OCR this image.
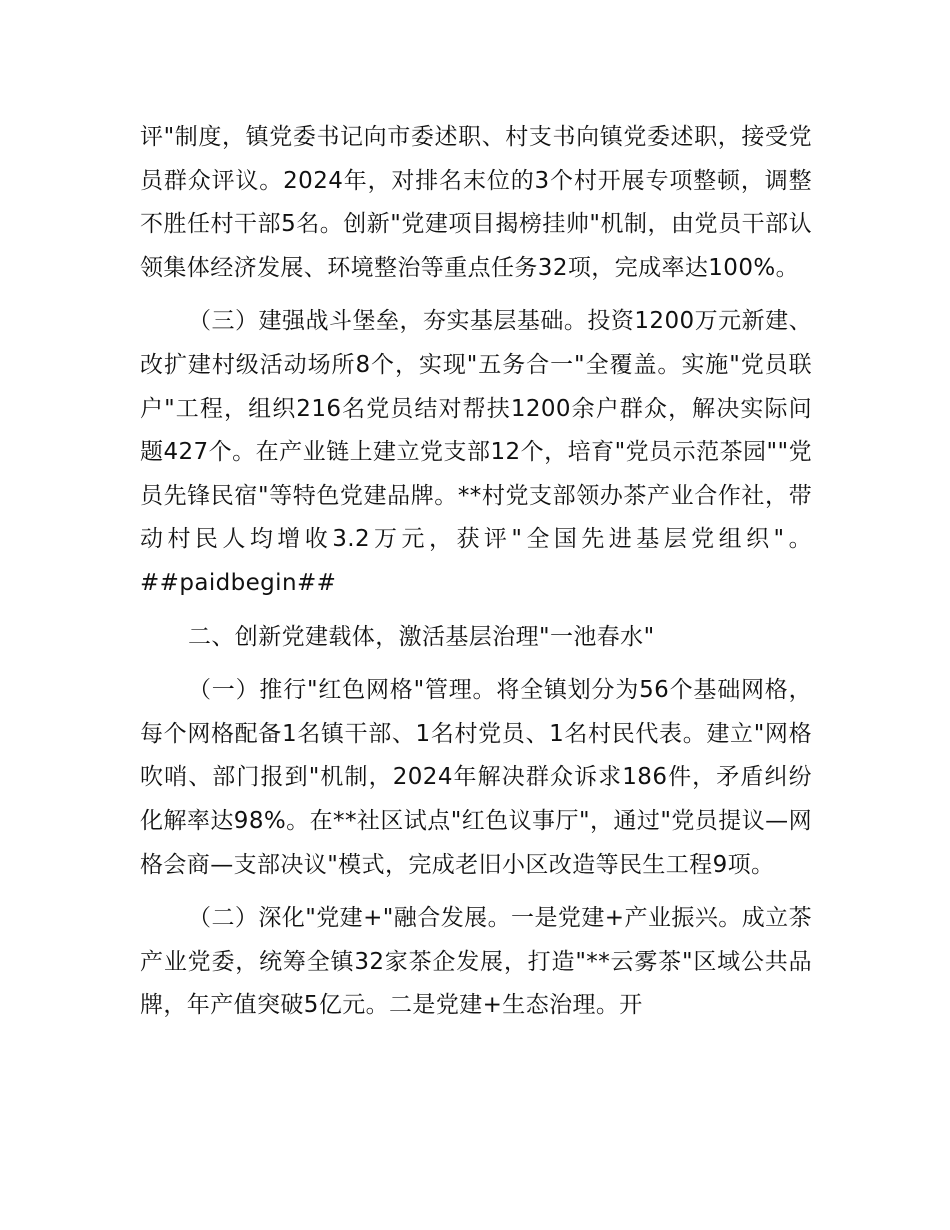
评"制度，镇党委书记向市委述职、村支书向镇党委述职，接受党员群众评议。2024年，对排名末位的3个村开展专项整顿，调整不胜任村干部5名。创新"党建项目揭榜挂帅"机制，由党员干部认领集体经济发展、环境整治等重点任务32项，完成率达100%。

（三）建强战斗堡垒，夯实基层基础。投资1200万元新建、改扩建村级活动场所8个，实现"五务合一"全覆盖。实施"党员联户"工程，组织216名党员结对帮扶1200余户群众，解决实际问题427个。在产业链上建立党支部12个，培育"党员示范茶园""党员先锋民宿"等特色党建品牌。**村党支部领办茶产业合作社，带动村民人均增收3.2万元，获评"全国先进基层党组织"。##paidbegin##

二、创新党建载体，激活基层治理"一池春水"

（一）推行"红色网格"管理。将全镇划分为56个基础网格，每个网格配备1名镇干部、1名村党员、1名村民代表。建立"网格吹哨、部门报到"机制，2024年解决群众诉求186件，矛盾纠纷化解率达98%。在**社区试点"红色议事厅"，通过"党员提议—网格会商—支部决议"模式，完成老旧小区改造等民生工程9项。

（二）深化"党建+"融合发展。一是党建+产业振兴。成立茶产业党委，统筹全镇32家茶企发展，打造"**云雾茶"区域公共品牌，年产值突破5亿元。二是党建+生态治理。开
